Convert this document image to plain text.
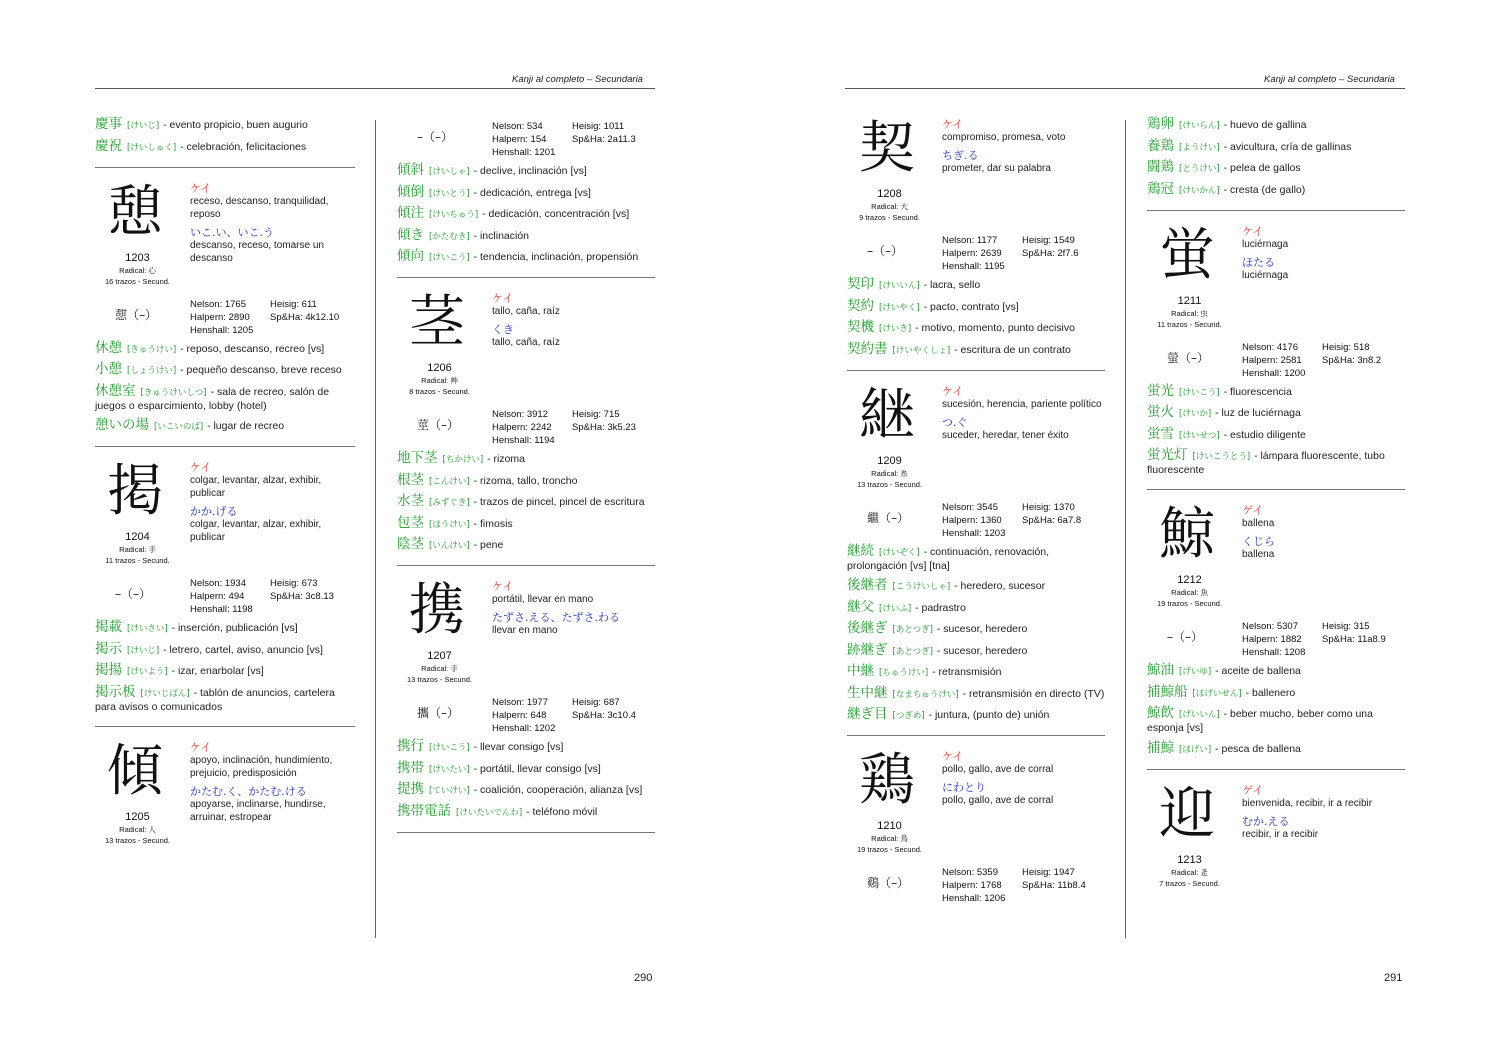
Kanji al completo – Secundaria
慶事 [けいじ] - evento propicio, buen augurio
慶祝 [けいしゅく] - celebración, felicitaciones
憩
1203
Radical: 心
16 trazos - Secund.
憇（–）
ケイ
receso, descanso, tranquilidad, reposo
いこ.い、いこ.う
descanso, receso, tomarse un descanso
Nelson: 1765	Heisig: 611
Halpern: 2890 Sp&Ha: 4k12.10
Henshall: 1205
休憩 [きゅうけい] - reposo, descanso, recreo [vs]
小憩 [しょうけい] - pequeño descanso, breve receso
休憩室 [きゅうけいしつ] - sala de recreo, salón de juegos o esparcimiento, lobby (hotel)
憩いの場 [いこいのば] - lugar de recreo
掲
1204
Radical: 手
11 trazos - Secund.
–（–）
ケイ
colgar, levantar, alzar, exhibir, publicar
かか.げる
colgar, levantar, alzar, exhibir, publicar
Nelson: 1934	Heisig: 673
Halpern: 494	Sp&Ha: 3c8.13
Henshall: 1198
掲載 [けいさい] - inserción, publicación [vs]
掲示 [けいじ] - letrero, cartel, aviso, anuncio [vs]
掲揚 [けいよう] - izar, enarbolar [vs]
掲示板 [けいじばん] - tablón de anuncios, cartelera para avisos o comunicados
傾
1205
Radical: 人
13 trazos - Secund.
ケイ
apoyo, inclinación, hundimiento, prejuicio, predisposición
かたむ.く、かたむ.ける
apoyarse, inclinarse, hundirse, arruinar, estropear
–（–）
Nelson: 534	Heisig: 1011
Halpern: 154	Sp&Ha: 2a11.3
Henshall: 1201
傾斜 [けいしゃ] - declive, inclinación [vs]
傾倒 [けいとう] - dedicación, entrega [vs]
傾注 [けいちゅう] - dedicación, concentración [vs]
傾き [かたむき] - inclinación
傾向 [けいこう] - tendencia, inclinación, propensión
茎
1206
Radical: 艸
8 trazos - Secund.
莖（–）
ケイ
tallo, caña, raíz
くき
tallo, caña, raíz
Nelson: 3912	Heisig: 715
Halpern: 2242 Sp&Ha: 3k5.23
Henshall: 1194
地下茎 [ちかけい] - rizoma
根茎 [こんけい] - rizoma, tallo, troncho
水茎 [みずぐき] - trazos de pincel, pincel de escritura
包茎 [ほうけい] - fimosis
陰茎 [いんけい] - pene
携
1207
Radical: 手
13 trazos - Secund.
攜（–）
ケイ
portátil, llevar en mano
たずさ.える、たずさ.わる
llevar en mano
Nelson: 1977	Heisig: 687
Halpern: 648	Sp&Ha: 3c10.4
Henshall: 1202
携行 [けいこう] - llevar consigo [vs]
携帯 [けいたい] - portátil, llevar consigo [vs]
提携 [ていけい] - coalición, cooperación, alianza [vs]
携帯電話 [けいたいでんわ] - teléfono móvil
290
Kanji al completo – Secundaria
契
1208
Radical: 大
9 trazos - Secund.
–（–）
ケイ
compromiso, promesa, voto
ちぎ.る
prometer, dar su palabra
Nelson: 1177	Heisig: 1549
Halpern: 2639 Sp&Ha: 2f7.6
Henshall: 1195
契印 [けいいん] - lacra, sello
契約 [けいやく] - pacto, contrato [vs]
契機 [けいき] - motivo, momento, punto decisivo
契約書 [けいやくしょ] - escritura de un contrato
継
1209
Radical: 糸
13 trazos - Secund.
繼（–）
ケイ
sucesión, herencia, pariente político
つ.ぐ
suceder, heredar, tener éxito
Nelson: 3545	Heisig: 1370
Halpern: 1360 Sp&Ha: 6a7.8
Henshall: 1203
継続 [けいぞく] - continuación, renovación, prolongación [vs] [tna]
後継者 [こうけいしゃ] - heredero, sucesor
継父 [けいふ] - padrastro
後継ぎ [あとつぎ] - sucesor, heredero
跡継ぎ [あとつぎ] - sucesor, heredero
中継 [ちゅうけい] - retransmisión
生中継 [なまちゅうけい] - retransmisión en directo (TV)
継ぎ目 [つぎめ] - juntura, (punto de) unión
鶏
1210
Radical: 鳥
19 trazos - Secund.
鷄（–）
ケイ
pollo, gallo, ave de corral
にわとり
pollo, gallo, ave de corral
Nelson: 5359	Heisig: 1947
Halpern: 1768 Sp&Ha: 11b8.4
Henshall: 1206
鶏卵 [けいらん] - huevo de gallina
養鶏 [ようけい] - avicultura, cría de gallinas
闘鶏 [とうけい] - pelea de gallos
鶏冠 [けいかん] - cresta (de gallo)
蛍
1211
Radical: 虫
11 trazos - Secund.
螢（–）
ケイ
luciérnaga
ほたる
luciérnaga
Nelson: 4176	Heisig: 518
Halpern: 2581 Sp&Ha: 3n8.2
Henshall: 1200
蛍光 [けいこう] - fluorescencia
蛍火 [けいか] - luz de luciérnaga
蛍雪 [けいせつ] - estudio diligente
蛍光灯 [けいこうとう] - lámpara fluorescente, tubo fluorescente
鯨
1212
Radical: 魚
19 trazos - Secund.
–（–）
ゲイ
ballena
くじら
ballena
Nelson: 5307	Heisig: 315
Halpern: 1882 Sp&Ha: 11a8.9
Henshall: 1208
鯨油 [げいゆ] - aceite de ballena
捕鯨船 [ほげいせん] - ballenero
鯨飲 [げいいん] - beber mucho, beber como una esponja [vs]
捕鯨 [ほげい] - pesca de ballena
迎
1213
Radical: 辵
7 trazos - Secund.
ゲイ
bienvenida, recibir, ir a recibir
むか.える
recibir, ir a recibir
291
